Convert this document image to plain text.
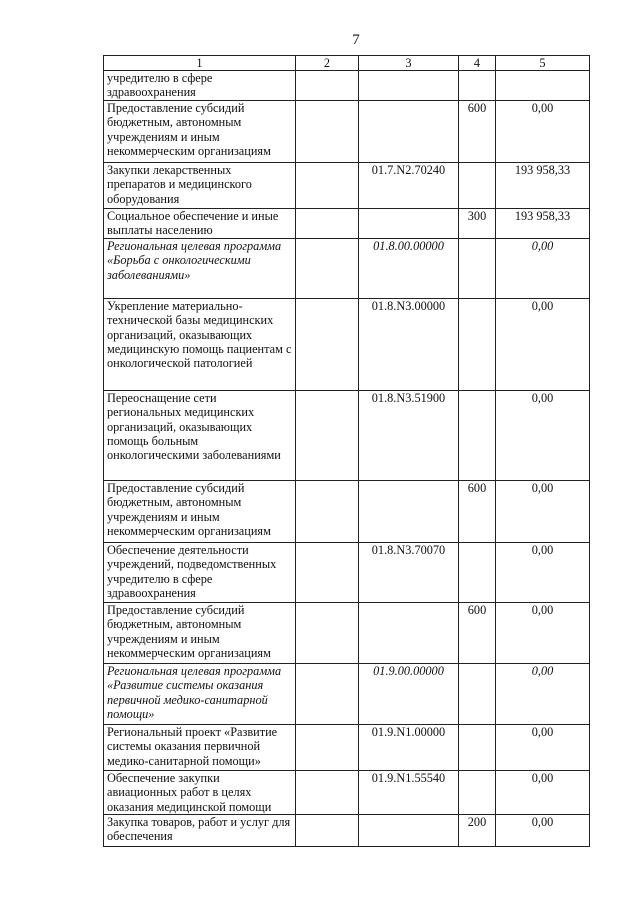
7
1	2	3	4	5
учредителю в сфере здравоохранения				
Предоставление субсидий бюджетным, автономным учреждениям и иным некоммерческим организациям			600	0,00
Закупки лекарственных препаратов и медицинского оборудования		01.7.N2.70240		193 958,33
Социальное обеспечение и иные выплаты населению			300	193 958,33
Региональная целевая программа «Борьба с онкологическими заболеваниями»		01.8.00.00000		0,00
Укрепление материально-технической базы медицинских организаций, оказывающих медицинскую помощь пациентам с онкологической патологией		01.8.N3.00000		0,00
Переоснащение сети региональных медицинских организаций, оказывающих помощь больным онкологическими заболеваниями		01.8.N3.51900		0,00
Предоставление субсидий бюджетным, автономным учреждениям и иным некоммерческим организациям			600	0,00
Обеспечение деятельности учреждений, подведомственных учредителю в сфере здравоохранения		01.8.N3.70070		0,00
Предоставление субсидий бюджетным, автономным учреждениям и иным некоммерческим организациям			600	0,00
Региональная целевая программа «Развитие системы оказания первичной медико-санитарной помощи»		01.9.00.00000		0,00
Региональный проект «Развитие системы оказания первичной медико-санитарной помощи»		01.9.N1.00000		0,00
Обеспечение закупки авиационных работ в целях оказания медицинской помощи		01.9.N1.55540		0,00
Закупка товаров, работ и услуг для обеспечения			200	0,00
